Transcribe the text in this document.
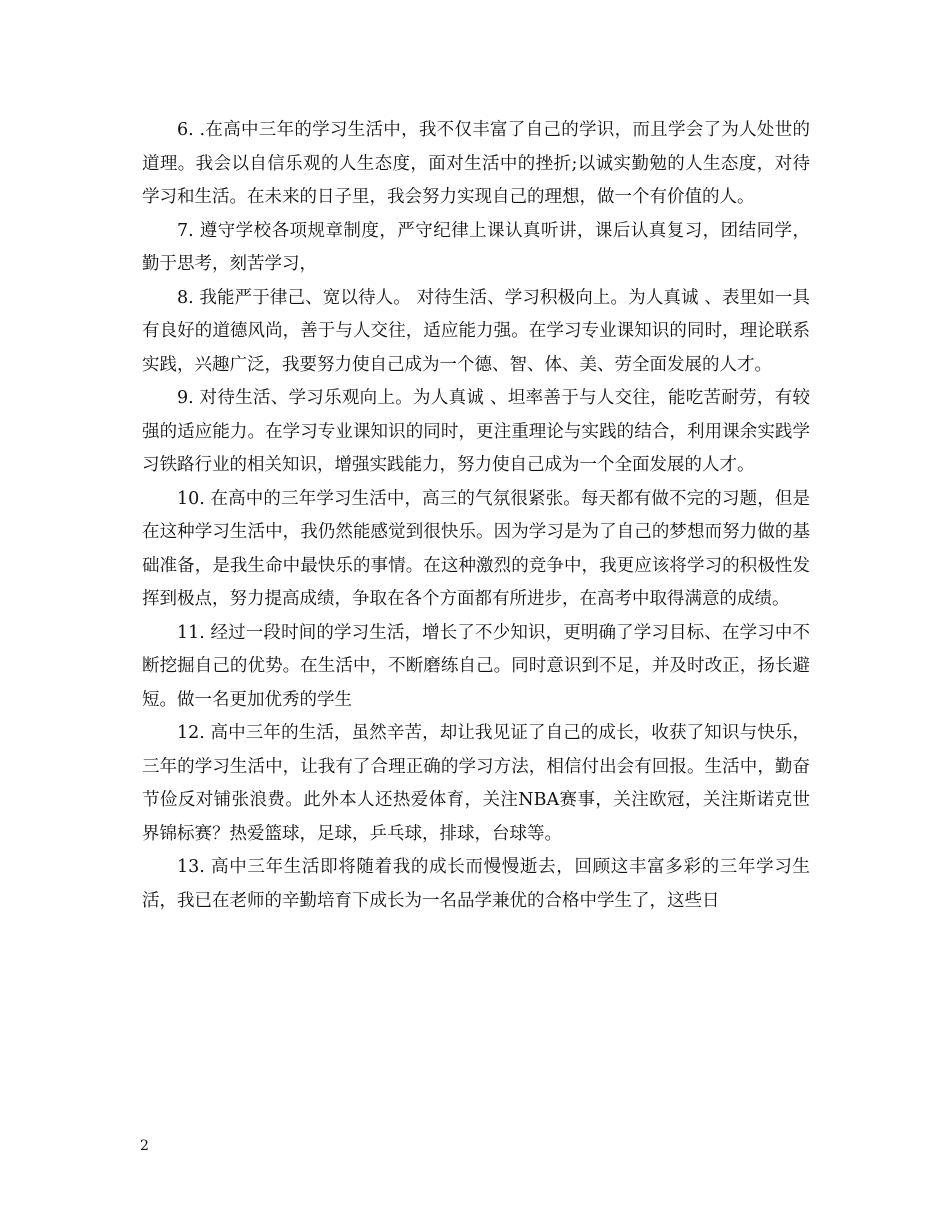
6. .在高中三年的学习生活中，我不仅丰富了自己的学识，而且学会了为人处世的道理。我会以自信乐观的人生态度，面对生活中的挫折;以诚实勤勉的人生态度，对待学习和生活。在未来的日子里，我会努力实现自己的理想，做一个有价值的人。

7. 遵守学校各项规章制度，严守纪律上课认真听讲，课后认真复习，团结同学，勤于思考，刻苦学习，

8. 我能严于律己、宽以待人。 对待生活、学习积极向上。为人真诚 、表里如一具有良好的道德风尚，善于与人交往，适应能力强。在学习专业课知识的同时，理论联系实践，兴趣广泛，我要努力使自己成为一个德、智、体、美、劳全面发展的人才。

9. 对待生活、学习乐观向上。为人真诚 、坦率善于与人交往，能吃苦耐劳，有较强的适应能力。在学习专业课知识的同时，更注重理论与实践的结合，利用课余实践学习铁路行业的相关知识，增强实践能力，努力使自己成为一个全面发展的人才。

10. 在高中的三年学习生活中，高三的气氛很紧张。每天都有做不完的习题，但是在这种学习生活中，我仍然能感觉到很快乐。因为学习是为了自己的梦想而努力做的基础准备，是我生命中最快乐的事情。在这种激烈的竞争中，我更应该将学习的积极性发挥到极点，努力提高成绩，争取在各个方面都有所进步，在高考中取得满意的成绩。

11. 经过一段时间的学习生活，增长了不少知识，更明确了学习目标、在学习中不断挖掘自己的优势。在生活中，不断磨练自己。同时意识到不足，并及时改正，扬长避短。做一名更加优秀的学生

12. 高中三年的生活，虽然辛苦，却让我见证了自己的成长，收获了知识与快乐，三年的学习生活中，让我有了合理正确的学习方法，相信付出会有回报。生活中，勤奋节俭反对铺张浪费。此外本人还热爱体育，关注NBA赛事，关注欧冠，关注斯诺克世界锦标赛？热爱篮球，足球，乒乓球，排球，台球等。

13. 高中三年生活即将随着我的成长而慢慢逝去，回顾这丰富多彩的三年学习生活，我已在老师的辛勤培育下成长为一名品学兼优的合格中学生了，这些日

2
